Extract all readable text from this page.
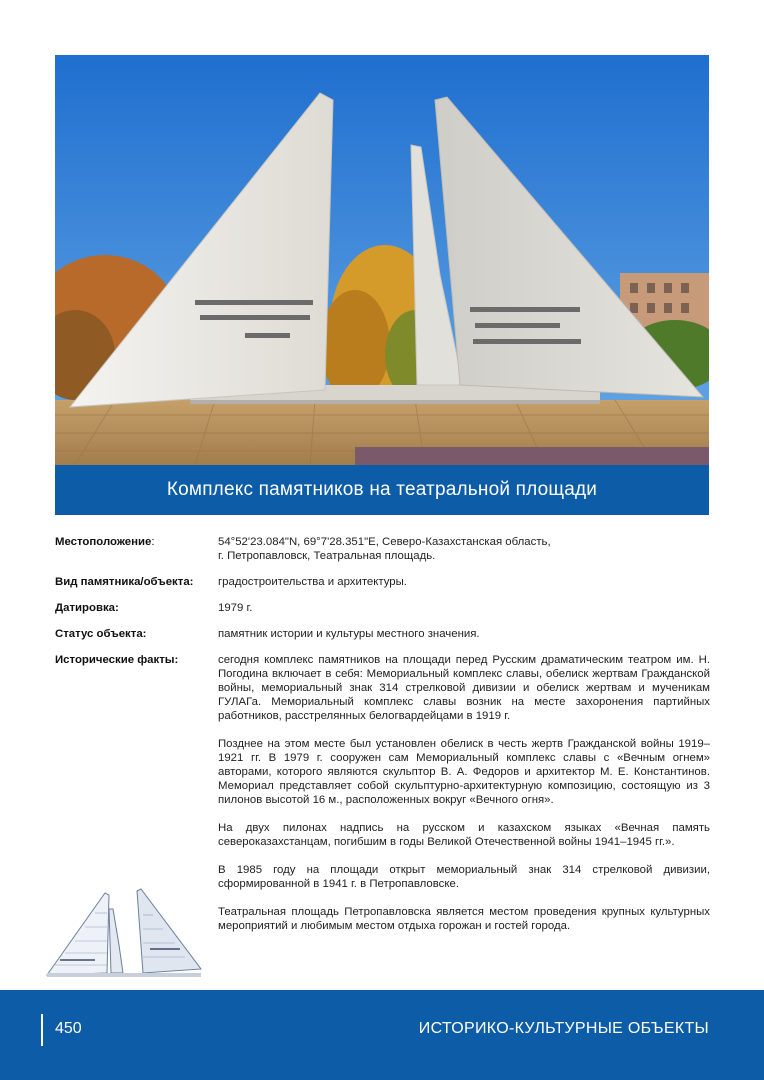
Комплекс памятников на театральной площади
Местоположение:	54°52'23.084"N, 69°7'28.351"E, Северо-Казахстанская область,
г. Петропавловск, Театральная площадь.
Вид памятника/объекта:	градостроительства и архитектуры.
Датировка:	1979 г.
Статус объекта:	памятник истории и культуры местного значения.
Исторические факты:	сегодня комплекс памятников на площади перед Русским драматическим театром им. Н. Погодина включает в себя: Мемориальный комплекс славы, обелиск жертвам Гражданской войны, мемориальный знак 314 стрелковой дивизии и обелиск жертвам и мученикам ГУЛАГа. Мемориальный комплекс славы возник на месте захоронения партийных работников, расстрелянных белогвардейцами в 1919 г.

Позднее на этом месте был установлен обелиск в честь жертв Гражданской войны 1919–1921 гг. В 1979 г. сооружен сам Мемориальный комплекс славы с «Вечным огнем» авторами, которого являются скульптор В. А. Федоров и архитектор М. Е. Константинов. Мемориал представляет собой скульптурно-архитектурную композицию, состоящую из 3 пилонов высотой 16 м., расположенных вокруг «Вечного огня».

На двух пилонах надпись на русском и казахском языках «Вечная память североказахстанцам, погибшим в годы Великой Отечественной войны 1941–1945 гг.».

В 1985 году на площади открыт мемориальный знак 314 стрелковой дивизии, сформированной в 1941 г. в Петропавловске.

Театральная площадь Петропавловска является местом проведения крупных культурных мероприятий и любимым местом отдыха горожан и гостей города.

450	ИСТОРИКО-КУЛЬТУРНЫЕ ОБЪЕКТЫ
